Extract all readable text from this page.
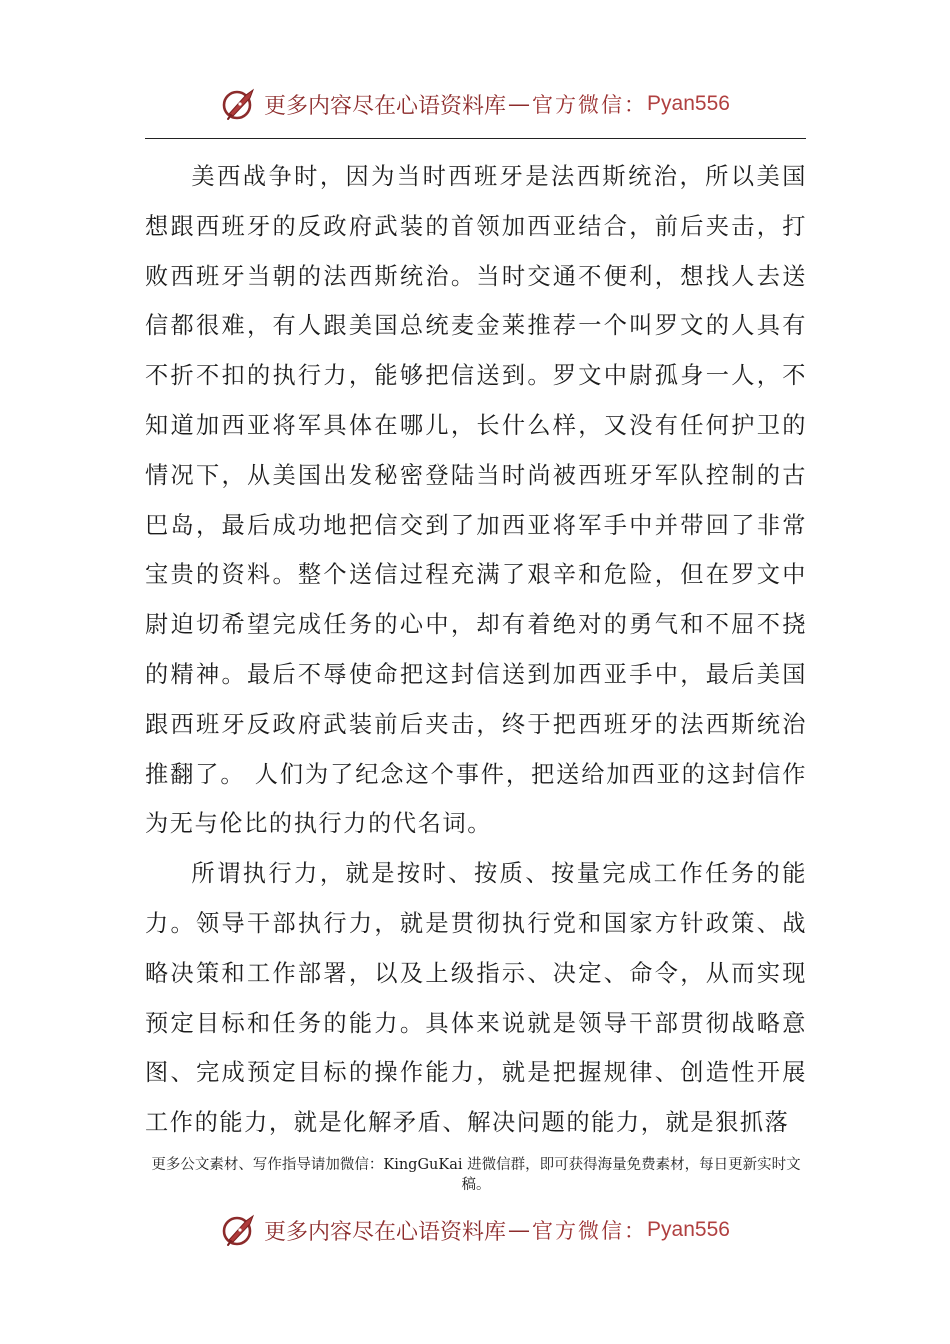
更多内容尽在心语资料库 — 官方微信： Pyan556

美西战争时，因为当时西班牙是法西斯统治，所以美国想跟西班牙的反政府武装的首领加西亚结合，前后夹击，打败西班牙当朝的法西斯统治。当时交通不便利，想找人去送信都很难，有人跟美国总统麦金莱推荐一个叫罗文的人具有不折不扣的执行力，能够把信送到。罗文中尉孤身一人，不知道加西亚将军具体在哪儿，长什么样，又没有任何护卫的情况下，从美国出发秘密登陆当时尚被西班牙军队控制的古巴岛，最后成功地把信交到了加西亚将军手中并带回了非常宝贵的资料。整个送信过程充满了艰辛和危险，但在罗文中尉迫切希望完成任务的心中，却有着绝对的勇气和不屈不挠的精神。最后不辱使命把这封信送到加西亚手中，最后美国跟西班牙反政府武装前后夹击，终于把西班牙的法西斯统治推翻了。 人们为了纪念这个事件，把送给加西亚的这封信作为无与伦比的执行力的代名词。

所谓执行力，就是按时、按质、按量完成工作任务的能力。领导干部执行力，就是贯彻执行党和国家方针政策、战略决策和工作部署，以及上级指示、决定、命令，从而实现预定目标和任务的能力。具体来说就是领导干部贯彻战略意图、完成预定目标的操作能力，就是把握规律、创造性开展工作的能力，就是化解矛盾、解决问题的能力，就是狠抓落

更多公文素材、写作指导请加微信：KingGuKai 进微信群，即可获得海量免费素材，每日更新实时文稿。
更多内容尽在心语资料库 — 官方微信： Pyan556
